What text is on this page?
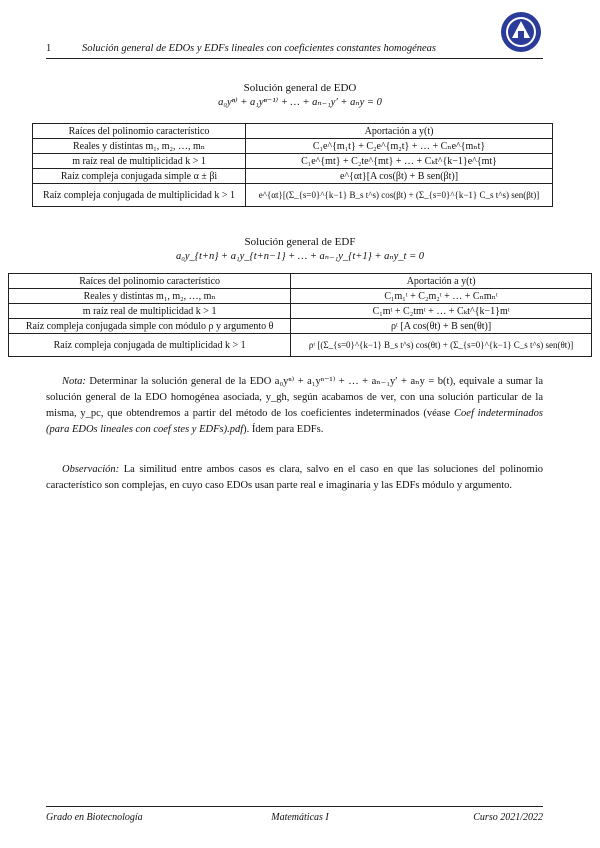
1	Solución general de EDOs y EDFs lineales con coeficientes constantes homogéneas
Solución general de EDO
a₀yⁿ⁾ + a₁yⁿ⁻¹⁾ + … + aₙ₋₁y′ + aₙy = 0
Raíces del polinomio característico	Aportación a y(t)
Reales y distintas m₁, m₂, …, mₙ	C₁e^{m₁t} + C₂e^{m₂t} + … + Cₙe^{mₙt}
m raíz real de multiplicidad k > 1	C₁e^{mt} + C₂te^{mt} + … + Cₖt^{k−1}e^{mt}
Raíz compleja conjugada simple α ± βi	e^{αt}[A cos(βt) + B sen(βt)]
Raíz compleja conjugada de multiplicidad k > 1	e^{αt}[(Σ_{s=0}^{k−1} B_s t^s) cos(βt) + (Σ_{s=0}^{k−1} C_s t^s) sen(βt)]
Solución general de EDF
a₀y_{t+n} + a₁y_{t+n−1} + … + aₙ₋₁y_{t+1} + aₙy_t = 0
Raíces del polinomio característico	Aportación a y(t)
Reales y distintas m₁, m₂, …, mₙ	C₁m₁ᵗ + C₂m₂ᵗ + … + Cₙmₙᵗ
m raíz real de multiplicidad k > 1	C₁mᵗ + C₂tmᵗ + … + Cₖt^{k−1}mᵗ
Raíz compleja conjugada simple con módulo ρ y argumento θ	ρᵗ [A cos(θt) + B sen(θt)]
Raíz compleja conjugada de multiplicidad k > 1	ρᵗ [(Σ_{s=0}^{k−1} B_s t^s) cos(θt) + (Σ_{s=0}^{k−1} C_s t^s) sen(θt)]
Nota: Determinar la solución general de la EDO a₀yⁿ⁾ + a₁yⁿ⁻¹⁾ + … + aₙ₋₁y′ + aₙy = b(t), equivale a sumar la solución general de la EDO homogénea asociada, y_gh, según acabamos de ver, con una solución particular de la misma, y_pc, que obtendremos a partir del método de los coeficientes indeterminados (véase Coef indeterminados (para EDOs lineales con coef stes y EDFs).pdf). Ídem para EDFs.
Observación: La similitud entre ambos casos es clara, salvo en el caso en que las soluciones del polinomio característico son complejas, en cuyo caso EDOs usan parte real e imaginaria y las EDFs módulo y argumento.
Grado en Biotecnología	Matemáticas I	Curso 2021/2022
